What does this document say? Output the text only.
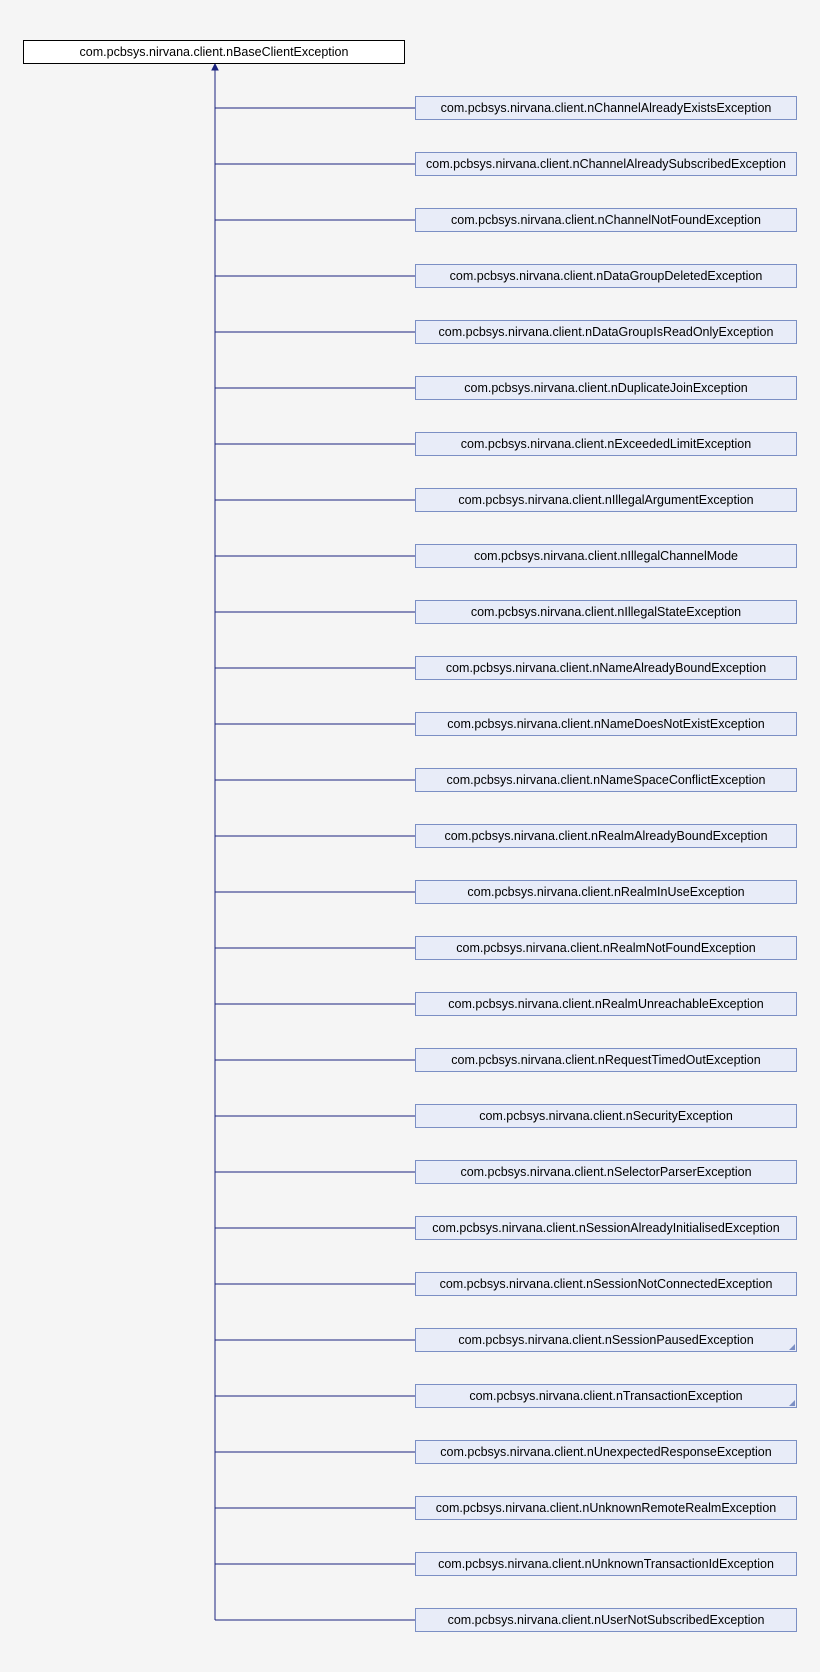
com.pcbsys.nirvana.client.nBaseClientException
com.pcbsys.nirvana.client.nChannelAlreadyExistsException
com.pcbsys.nirvana.client.nChannelAlreadySubscribedException
com.pcbsys.nirvana.client.nChannelNotFoundException
com.pcbsys.nirvana.client.nDataGroupDeletedException
com.pcbsys.nirvana.client.nDataGroupIsReadOnlyException
com.pcbsys.nirvana.client.nDuplicateJoinException
com.pcbsys.nirvana.client.nExceededLimitException
com.pcbsys.nirvana.client.nIllegalArgumentException
com.pcbsys.nirvana.client.nIllegalChannelMode
com.pcbsys.nirvana.client.nIllegalStateException
com.pcbsys.nirvana.client.nNameAlreadyBoundException
com.pcbsys.nirvana.client.nNameDoesNotExistException
com.pcbsys.nirvana.client.nNameSpaceConflictException
com.pcbsys.nirvana.client.nRealmAlreadyBoundException
com.pcbsys.nirvana.client.nRealmInUseException
com.pcbsys.nirvana.client.nRealmNotFoundException
com.pcbsys.nirvana.client.nRealmUnreachableException
com.pcbsys.nirvana.client.nRequestTimedOutException
com.pcbsys.nirvana.client.nSecurityException
com.pcbsys.nirvana.client.nSelectorParserException
com.pcbsys.nirvana.client.nSessionAlreadyInitialisedException
com.pcbsys.nirvana.client.nSessionNotConnectedException
com.pcbsys.nirvana.client.nSessionPausedException
com.pcbsys.nirvana.client.nTransactionException
com.pcbsys.nirvana.client.nUnexpectedResponseException
com.pcbsys.nirvana.client.nUnknownRemoteRealmException
com.pcbsys.nirvana.client.nUnknownTransactionIdException
com.pcbsys.nirvana.client.nUserNotSubscribedException
